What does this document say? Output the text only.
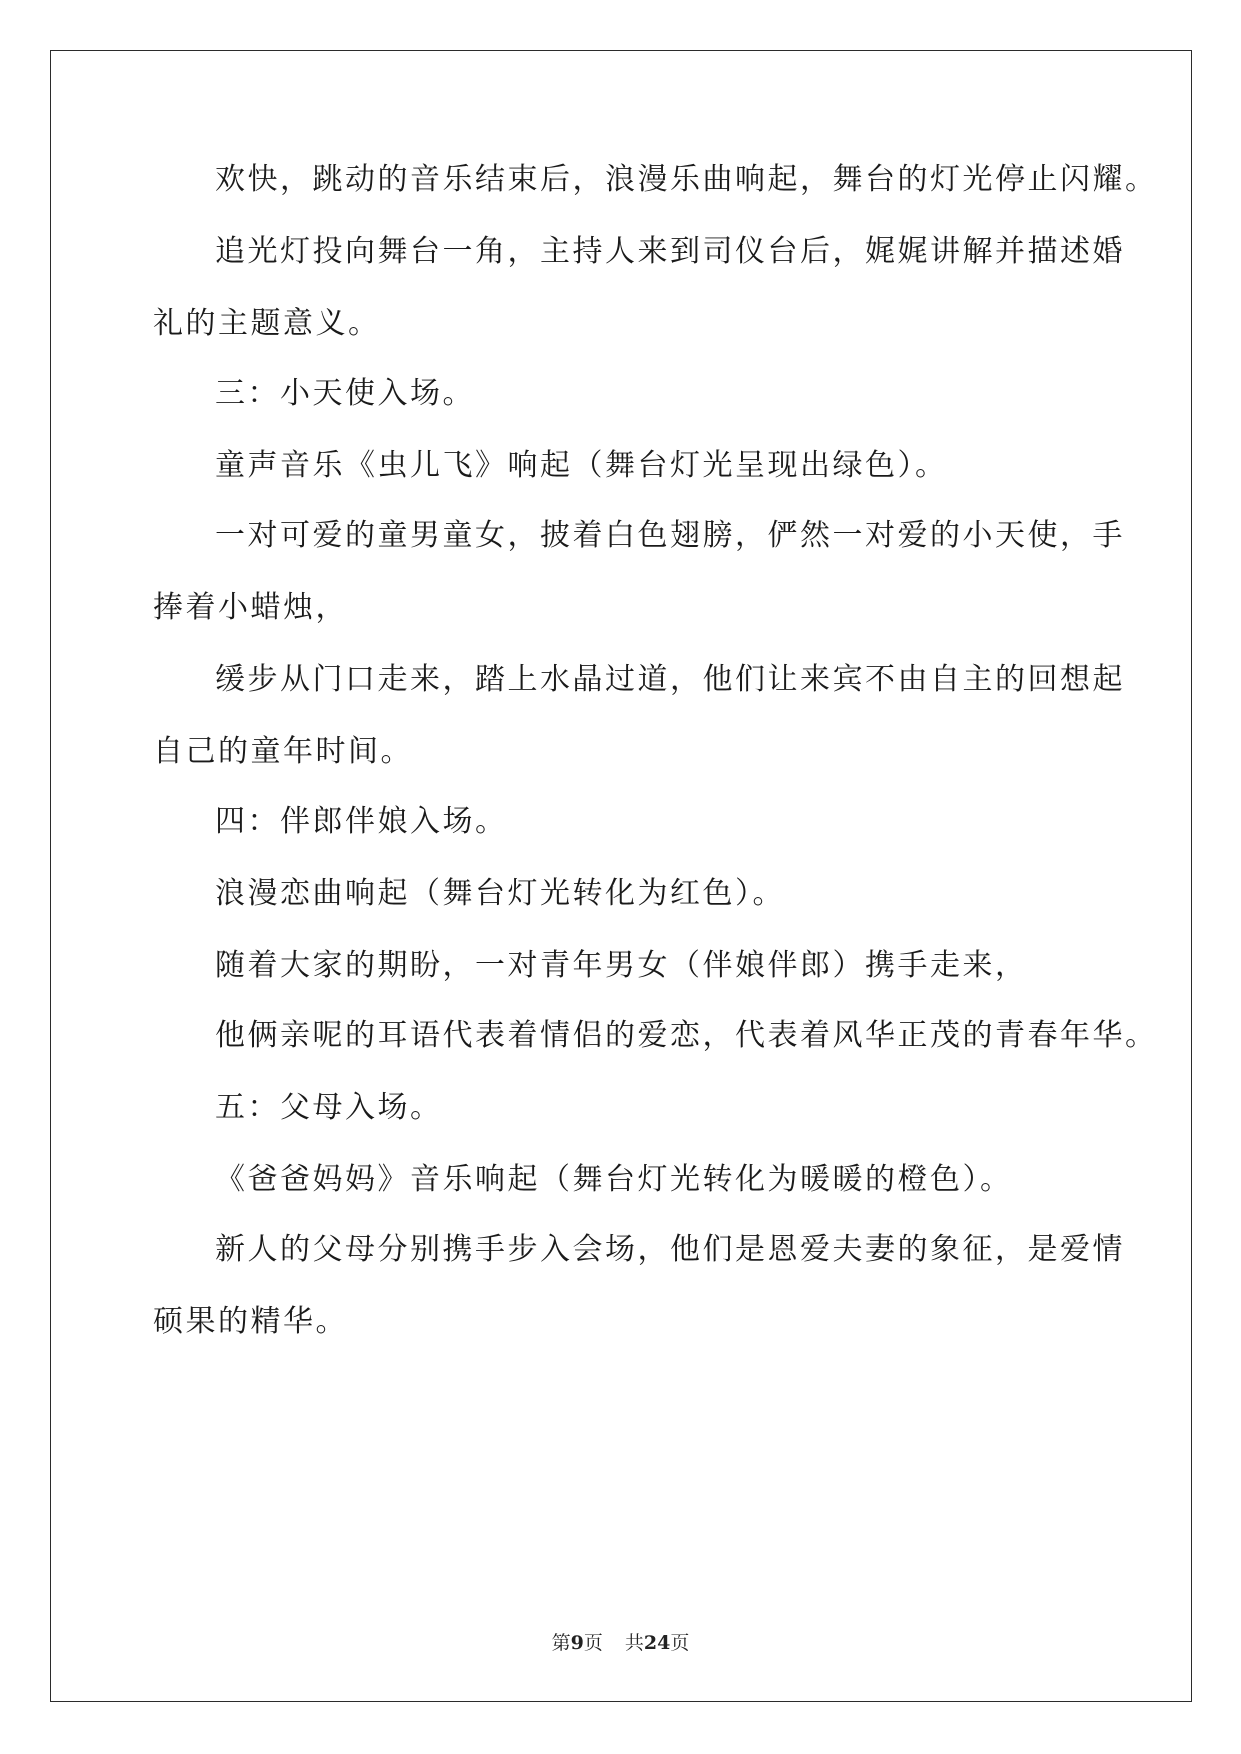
欢快，跳动的音乐结束后，浪漫乐曲响起，舞台的灯光停止闪耀。
追光灯投向舞台一角，主持人来到司仪台后，娓娓讲解并描述婚
礼的主题意义。
三：小天使入场。
童声音乐《虫儿飞》响起（舞台灯光呈现出绿色）。
一对可爱的童男童女，披着白色翅膀，俨然一对爱的小天使，手
捧着小蜡烛，
缓步从门口走来，踏上水晶过道，他们让来宾不由自主的回想起
自己的童年时间。
四：伴郎伴娘入场。
浪漫恋曲响起（舞台灯光转化为红色）。
随着大家的期盼，一对青年男女（伴娘伴郎）携手走来，
他俩亲呢的耳语代表着情侣的爱恋，代表着风华正茂的青春年华。
五：父母入场。
《爸爸妈妈》音乐响起（舞台灯光转化为暖暖的橙色）。
新人的父母分别携手步入会场，他们是恩爱夫妻的象征，是爱情
硕果的精华。
第9页 共24页
